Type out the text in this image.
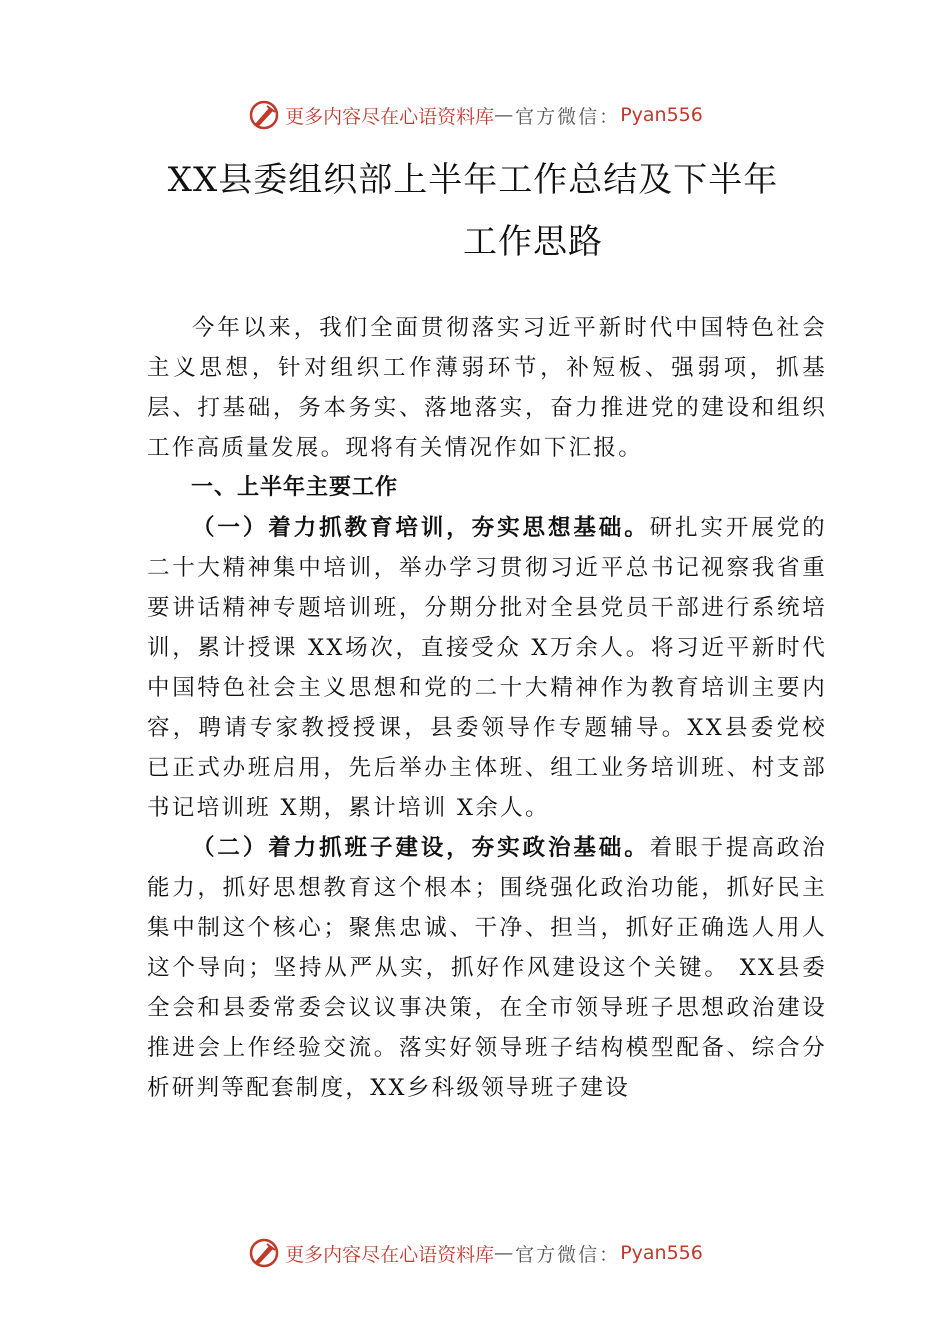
更多内容尽在心语资料库 — 官方微信： Pyan556
XX县委组织部上半年工作总结及下半年
工作思路

今年以来，我们全面贯彻落实习近平新时代中国特色社会主义思想，针对组织工作薄弱环节，补短板、强弱项，抓基层、打基础，务本务实、落地落实，奋力推进党的建设和组织工作高质量发展。现将有关情况作如下汇报。

一、上半年主要工作

（一）着力抓教育培训，夯实思想基础。研扎实开展党的二十大精神集中培训，举办学习贯彻习近平总书记视察我省重要讲话精神专题培训班，分期分批对全县党员干部进行系统培训，累计授课 XX场次，直接受众 X万余人。将习近平新时代中国特色社会主义思想和党的二十大精神作为教育培训主要内容，聘请专家教授授课，县委领导作专题辅导。XX县委党校已正式办班启用，先后举办主体班、组工业务培训班、村支部书记培训班 X期，累计培训 X余人。

（二）着力抓班子建设，夯实政治基础。着眼于提高政治能力，抓好思想教育这个根本；围绕强化政治功能，抓好民主集中制这个核心；聚焦忠诚、干净、担当，抓好正确选人用人这个导向；坚持从严从实，抓好作风建设这个关键。 XX县委全会和县委常委会议议事决策，在全市领导班子思想政治建设推进会上作经验交流。落实好领导班子结构模型配备、综合分析研判等配套制度，XX乡科级领导班子建设

更多内容尽在心语资料库 — 官方微信： Pyan556
